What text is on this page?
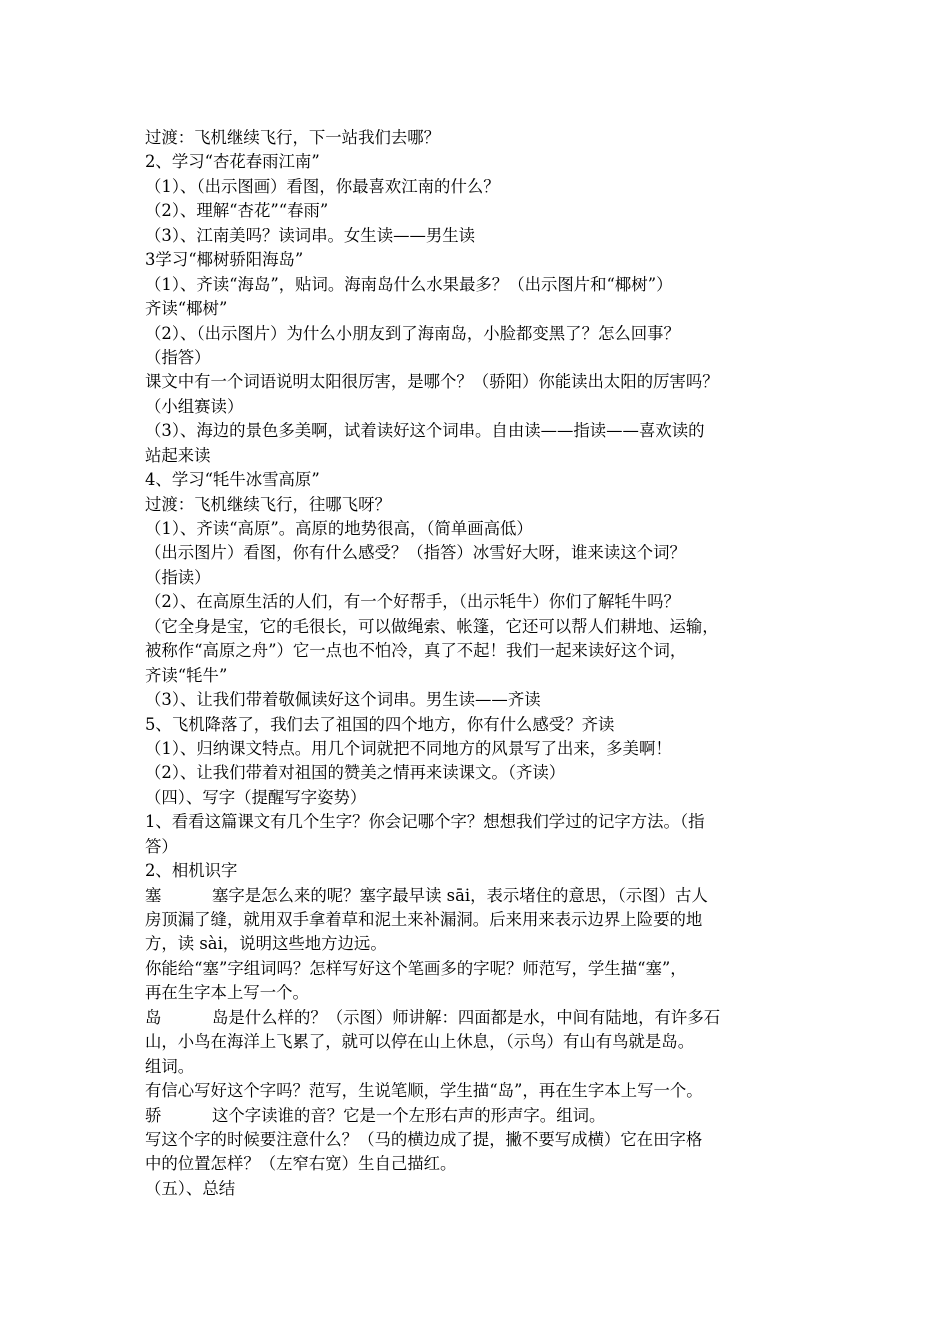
过渡：飞机继续飞行，下一站我们去哪？
2、学习“杏花春雨江南”
（1）、（出示图画）看图，你最喜欢江南的什么？
（2）、理解“杏花”“春雨”
（3）、江南美吗？读词串。女生读——男生读
3学习“椰树骄阳海岛”
（1）、齐读“海岛”，贴词。海南岛什么水果最多？（出示图片和“椰树”）
齐读“椰树”
（2）、（出示图片）为什么小朋友到了海南岛，小脸都变黑了？怎么回事？
（指答）
课文中有一个词语说明太阳很厉害，是哪个？（骄阳）你能读出太阳的厉害吗？
（小组赛读）
（3）、海边的景色多美啊，试着读好这个词串。自由读——指读——喜欢读的
站起来读
4、学习“牦牛冰雪高原”
过渡：飞机继续飞行，往哪飞呀？
（1）、齐读“高原”。高原的地势很高，（简单画高低）
（出示图片）看图，你有什么感受？（指答）冰雪好大呀，谁来读这个词？
（指读）
（2）、在高原生活的人们，有一个好帮手，（出示牦牛）你们了解牦牛吗？
（它全身是宝，它的毛很长，可以做绳索、帐篷，它还可以帮人们耕地、运输，
被称作“高原之舟”）它一点也不怕冷，真了不起！我们一起来读好这个词，
齐读“牦牛”
（3）、让我们带着敬佩读好这个词串。男生读——齐读
5、飞机降落了，我们去了祖国的四个地方，你有什么感受？齐读
（1）、归纳课文特点。用几个词就把不同地方的风景写了出来，多美啊！
（2）、让我们带着对祖国的赞美之情再来读课文。（齐读）
（四）、写字（提醒写字姿势）
1、看看这篇课文有几个生字？你会记哪个字？想想我们学过的记字方法。（指
答）
2、相机识字
塞	塞字是怎么来的呢？塞字最早读 sāi，表示堵住的意思，（示图）古人
房顶漏了缝，就用双手拿着草和泥土来补漏洞。后来用来表示边界上险要的地
方，读 sài，说明这些地方边远。
你能给“塞”字组词吗？怎样写好这个笔画多的字呢？师范写，学生描“塞”，
再在生字本上写一个。
岛	岛是什么样的？（示图）师讲解：四面都是水，中间有陆地，有许多石
山，小鸟在海洋上飞累了，就可以停在山上休息，（示鸟）有山有鸟就是岛。
组词。
有信心写好这个字吗？范写，生说笔顺，学生描“岛”，再在生字本上写一个。
骄	这个字读谁的音？它是一个左形右声的形声字。组词。
写这个字的时候要注意什么？（马的横边成了提，撇不要写成横）它在田字格
中的位置怎样？（左窄右宽）生自己描红。
（五）、总结
